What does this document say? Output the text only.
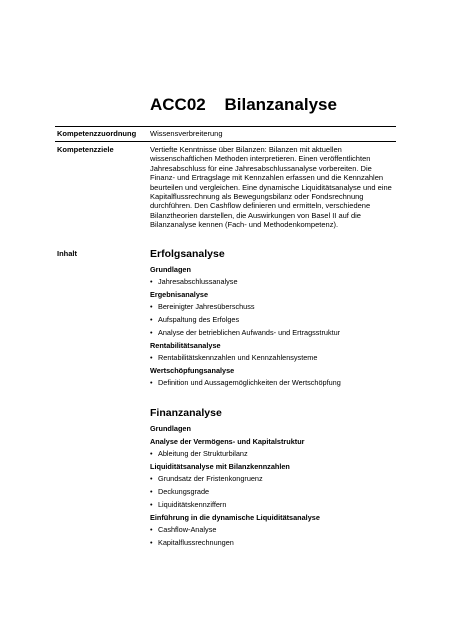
ACC02 Bilanzanalyse
Kompetenzzuordnung Wissensverbreiterung
Kompetenzziele	Vertiefte Kenntnisse über Bilanzen: Bilanzen mit aktuellen wissenschaftlichen Methoden interpretieren. Einen veröffentlichten Jahresabschluss für eine Jahresabschlussanalyse vorbereiten. Die Finanz- und Ertragslage mit Kennzahlen erfassen und die Kennzahlen beurteilen und vergleichen. Eine dynamische Liquiditätsanalyse und eine Kapitalflussrechnung als Bewegungsbilanz oder Fondsrechnung durchführen. Den Cashflow definieren und ermitteln, verschiedene Bilanztheorien darstellen, die Auswirkungen von Basel II auf die Bilanzanalyse kennen (Fach- und Methodenkompetenz).
Inhalt	Erfolgsanalyse
Grundlagen
• Jahresabschlussanalyse
Ergebnisanalyse
• Bereinigter Jahresüberschuss
• Aufspaltung des Erfolges
• Analyse der betrieblichen Aufwands- und Ertragsstruktur
Rentabilitätsanalyse
• Rentabilitätskennzahlen und Kennzahlensysteme
Wertschöpfungsanalyse
• Definition und Aussagemöglichkeiten der Wertschöpfung
Finanzanalyse
Grundlagen
Analyse der Vermögens- und Kapitalstruktur
• Ableitung der Strukturbilanz
Liquiditätsanalyse mit Bilanzkennzahlen
• Grundsatz der Fristenkongruenz
• Deckungsgrade
• Liquiditätskennziffern
Einführung in die dynamische Liquiditätsanalyse
• Cashflow-Analyse
• Kapitalflussrechnungen
